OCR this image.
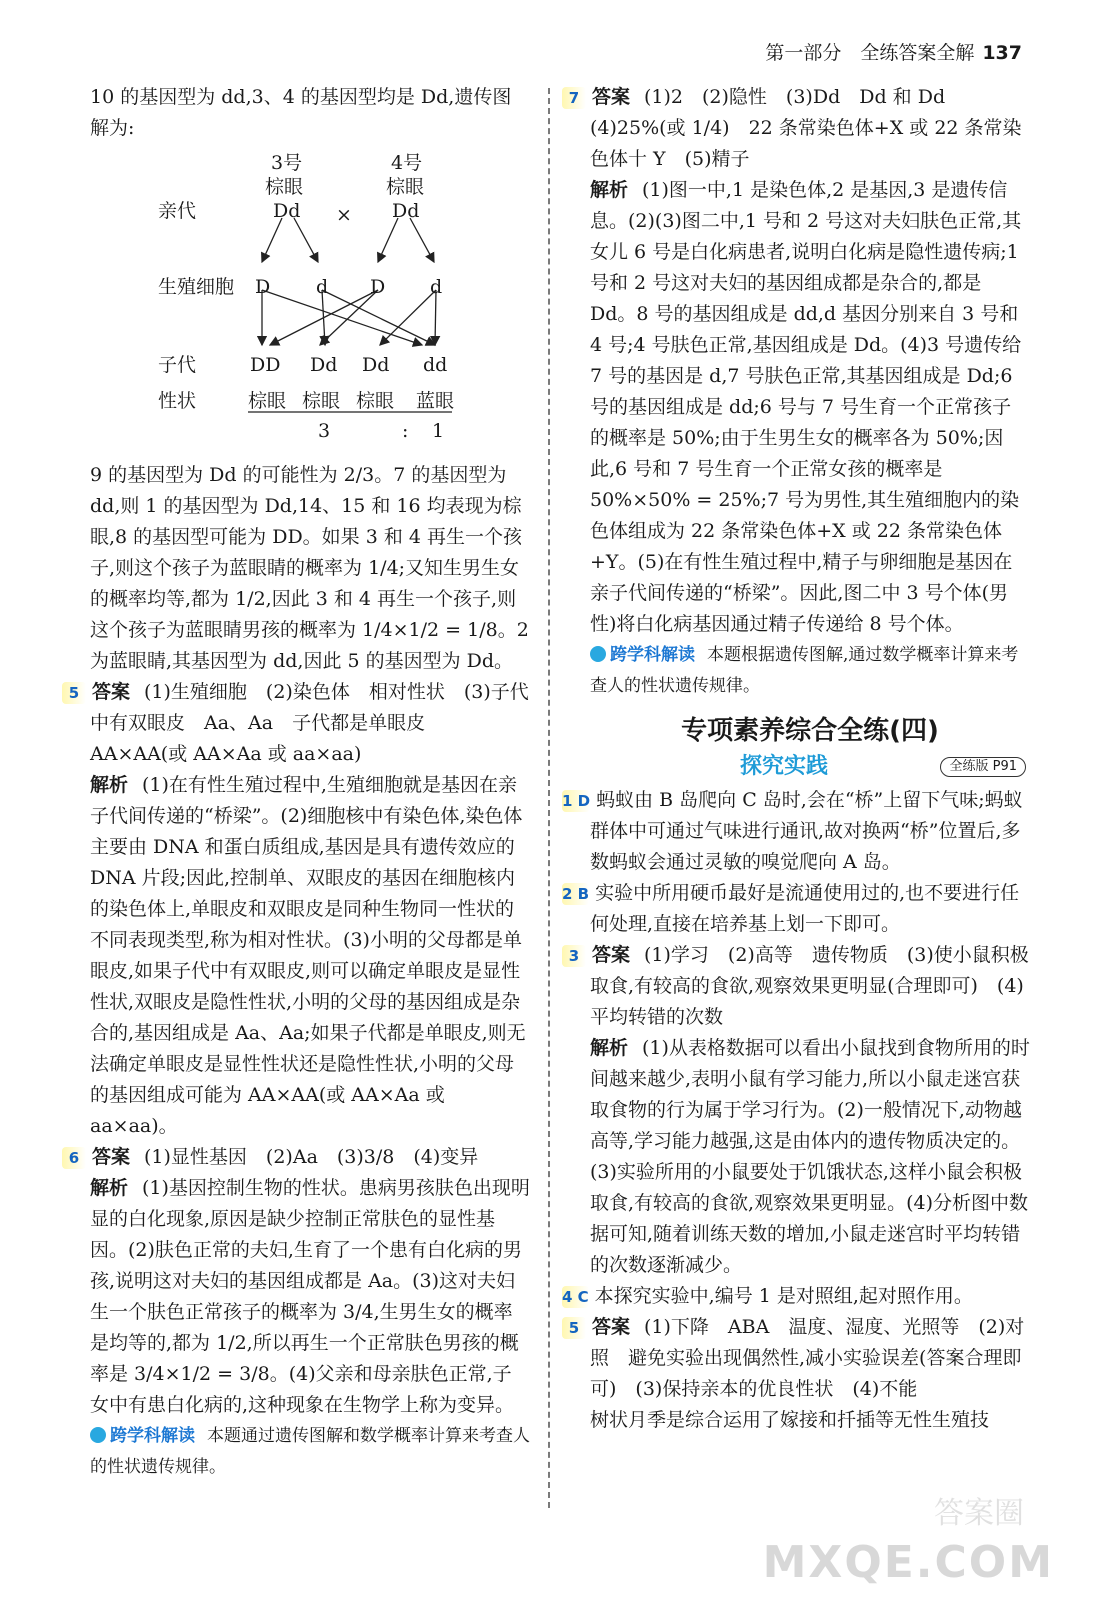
第一部分　全练答案全解 137

10 的基因型为 dd,3、4 的基因型均是 Dd,遗传图

解为:

3号
棕眼
4号
棕眼
亲代	Dd × Dd
生殖细胞 D d D d
子代	DD Dd Dd dd
性状	棕眼 棕眼 棕眼 蓝眼
3	: 1

9 的基因型为 Dd 的可能性为 2/3。7 的基因型为 dd,则 1 的基因型为 Dd,14、15 和 16 均表现为棕眼,8 的基因型可能为 DD。如果 3 和 4 再生一个孩子,则这个孩子为蓝眼睛的概率为 1/4;又知生男生女的概率均等,都为 1/2,因此 3 和 4 再生一个孩子,则这个孩子为蓝眼睛男孩的概率为 1/4×1/2 = 1/8。2 为蓝眼睛,其基因型为 dd,因此 5 的基因型为 Dd。

5 答案 (1)生殖细胞　(2)染色体　相对性状　(3)子代中有双眼皮　Aa、Aa　子代都是单眼皮　AA×AA(或 AA×Aa 或 aa×aa)

解析 (1)在有性生殖过程中,生殖细胞就是基因在亲子代间传递的“桥梁”。(2)细胞核中有染色体,染色体主要由 DNA 和蛋白质组成,基因是具有遗传效应的 DNA 片段;因此,控制单、双眼皮的基因在细胞核内的染色体上,单眼皮和双眼皮是同种生物同一性状的不同表现类型,称为相对性状。(3)小明的父母都是单眼皮,如果子代中有双眼皮,则可以确定单眼皮是显性性状,双眼皮是隐性性状,小明的父母的基因组成是杂合的,基因组成是 Aa、Aa;如果子代都是单眼皮,则无法确定单眼皮是显性性状还是隐性性状,小明的父母的基因组成可能为 AA×AA(或 AA×Aa 或 aa×aa)。

6 答案 (1)显性基因　(2)Aa　(3)3/8　(4)变异

解析 (1)基因控制生物的性状。患病男孩肤色出现明显的白化现象,原因是缺少控制正常肤色的显性基因。(2)肤色正常的夫妇,生育了一个患有白化病的男孩,说明这对夫妇的基因组成都是 Aa。(3)这对夫妇生一个肤色正常孩子的概率为 3/4,生男生女的概率是均等的,都为 1/2,所以再生一个正常肤色男孩的概率是 3/4×1/2 = 3/8。(4)父亲和母亲肤色正常,子女中有患白化病的,这种现象在生物学上称为变异。

跨学科解读 本题通过遗传图解和数学概率计算来考查人的性状遗传规律。

7 答案 (1)2　(2)隐性　(3)Dd　Dd 和 Dd　(4)25%(或 1/4)　22 条常染色体+X 或 22 条常染色体十 Y　(5)精子

解析 (1)图一中,1 是染色体,2 是基因,3 是遗传信息。(2)(3)图二中,1 号和 2 号这对夫妇肤色正常,其女儿 6 号是白化病患者,说明白化病是隐性遗传病;1 号和 2 号这对夫妇的基因组成都是杂合的,都是 Dd。8 号的基因组成是 dd,d 基因分别来自 3 号和 4 号;4 号肤色正常,基因组成是 Dd。(4)3 号遗传给 7 号的基因是 d,7 号肤色正常,其基因组成是 Dd;6 号的基因组成是 dd;6 号与 7 号生育一个正常孩子的概率是 50%;由于生男生女的概率各为 50%;因此,6 号和 7 号生育一个正常女孩的概率是 50%×50% = 25%;7 号为男性,其生殖细胞内的染色体组成为 22 条常染色体+X 或 22 条常染色体+Y。(5)在有性生殖过程中,精子与卵细胞是基因在亲子代间传递的“桥梁”。因此,图二中 3 号个体(男性)将白化病基因通过精子传递给 8 号个体。

跨学科解读 本题根据遗传图解,通过数学概率计算来考查人的性状遗传规律。

专项素养综合全练(四)
探究实践	全练版 P91

1 D 蚂蚁由 B 岛爬向 C 岛时,会在“桥”上留下气味;蚂蚁群体中可通过气味进行通讯,故对换两“桥”位置后,多数蚂蚁会通过灵敏的嗅觉爬向 A 岛。

2 B 实验中所用硬币最好是流通使用过的,也不要进行任何处理,直接在培养基上划一下即可。

3 答案 (1)学习　(2)高等　遗传物质　(3)使小鼠积极取食,有较高的食欲,观察效果更明显(合理即可)　(4)平均转错的次数

解析 (1)从表格数据可以看出小鼠找到食物所用的时间越来越少,表明小鼠有学习能力,所以小鼠走迷宫获取食物的行为属于学习行为。(2)一般情况下,动物越高等,学习能力越强,这是由体内的遗传物质决定的。(3)实验所用的小鼠要处于饥饿状态,这样小鼠会积极取食,有较高的食欲,观察效果更明显。(4)分析图中数据可知,随着训练天数的增加,小鼠走迷宫时平均转错的次数逐渐减少。

4 C 本探究实验中,编号 1 是对照组,起对照作用。

5 答案 (1)下降　ABA　温度、湿度、光照等　(2)对照　避免实验出现偶然性,减小实验误差(答案合理即可)　(3)保持亲本的优良性状　(4)不能

树状月季是综合运用了嫁接和扦插等无性生殖技

答案圈
MXQE.COM
